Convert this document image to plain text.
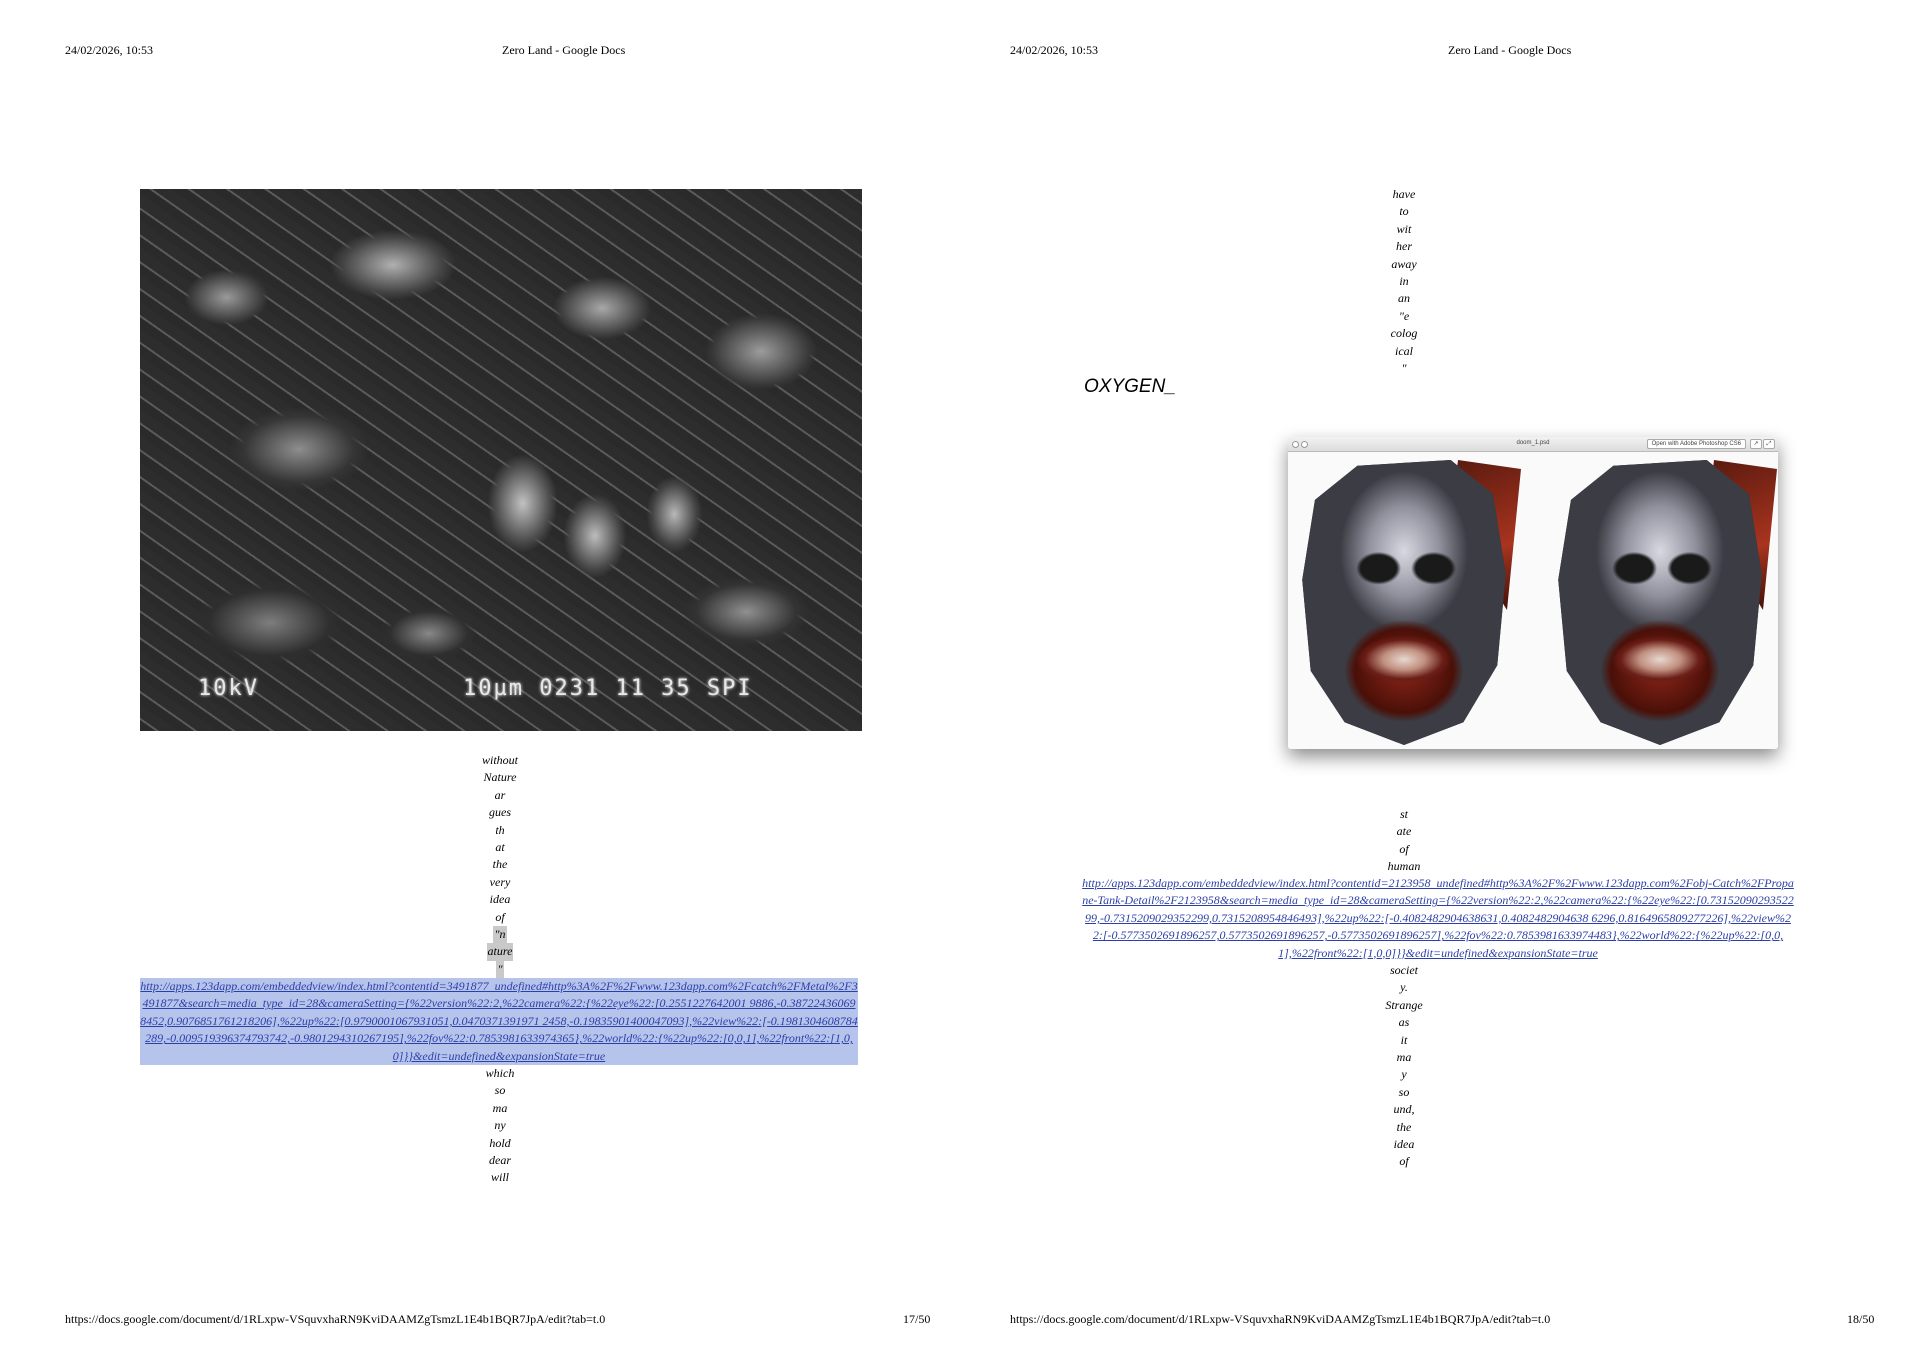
24/02/2026, 10:53	Zero Land - Google Docs
10kV	10µm 0231 11 35 SPI
without
Nature
ar
gues
th
at
the
very
idea
of
"n
ature
"
http://apps.123dapp.com/embeddedview/index.html?contentid=3491877_undefined#http%3A%2F%2Fwww.123dapp.com%2Fcatch%2FMetal%2F3491877&search=media_type_id=28&cameraSetting={%22version%22:2,%22camera%22:{%22eye%22:[0.2551227642001 9886,-0.387224360698452,0.9076851761218206],%22up%22:[0.9790001067931051,0.0470371391971 2458,-0.19835901400047093],%22view%22:[-0.1981304608784289,-0.009519396374793742,-0.9801294310267195],%22fov%22:0.7853981633974365},%22world%22:{%22up%22:[0,0,1],%22front%22:[1,0,0]}}&edit=undefined&expansionState=true
which
so
ma
ny
hold
dear
will
https://docs.google.com/document/d/1RLxpw-VSquvxhaRN9KviDAAMZgTsmzL1E4b1BQR7JpA/edit?tab=t.0	17/50
24/02/2026, 10:53	Zero Land - Google Docs
have
to
wit
her
away
in
an
"e
colog
ical
"
OXYGEN_
st
ate
of
human
http://apps.123dapp.com/embeddedview/index.html?contentid=2123958_undefined#http%3A%2F%2Fwww.123dapp.com%2Fobj-Catch%2FPropane-Tank-Detail%2F2123958&search=media_type_id=28&cameraSetting={%22version%22:2,%22camera%22:{%22eye%22:[0.7315209029352299,-0.7315209029352299,0.7315208954846493],%22up%22:[-0.4082482904638631,0.4082482904638 6296,0.8164965809277226],%22view%22:[-0.5773502691896257,0.5773502691896257,-0.5773502691896257],%22fov%22:0.7853981633974483},%22world%22:{%22up%22:[0,0,1],%22front%22:[1,0,0]}}&edit=undefined&expansionState=true
societ
y.
Strange
as
it
ma
y
so
und,
the
idea
of
https://docs.google.com/document/d/1RLxpw-VSquvxhaRN9KviDAAMZgTsmzL1E4b1BQR7JpA/edit?tab=t.0	18/50
doom_1.psd	Open with Adobe Photoshop CS6	↗	⤢
